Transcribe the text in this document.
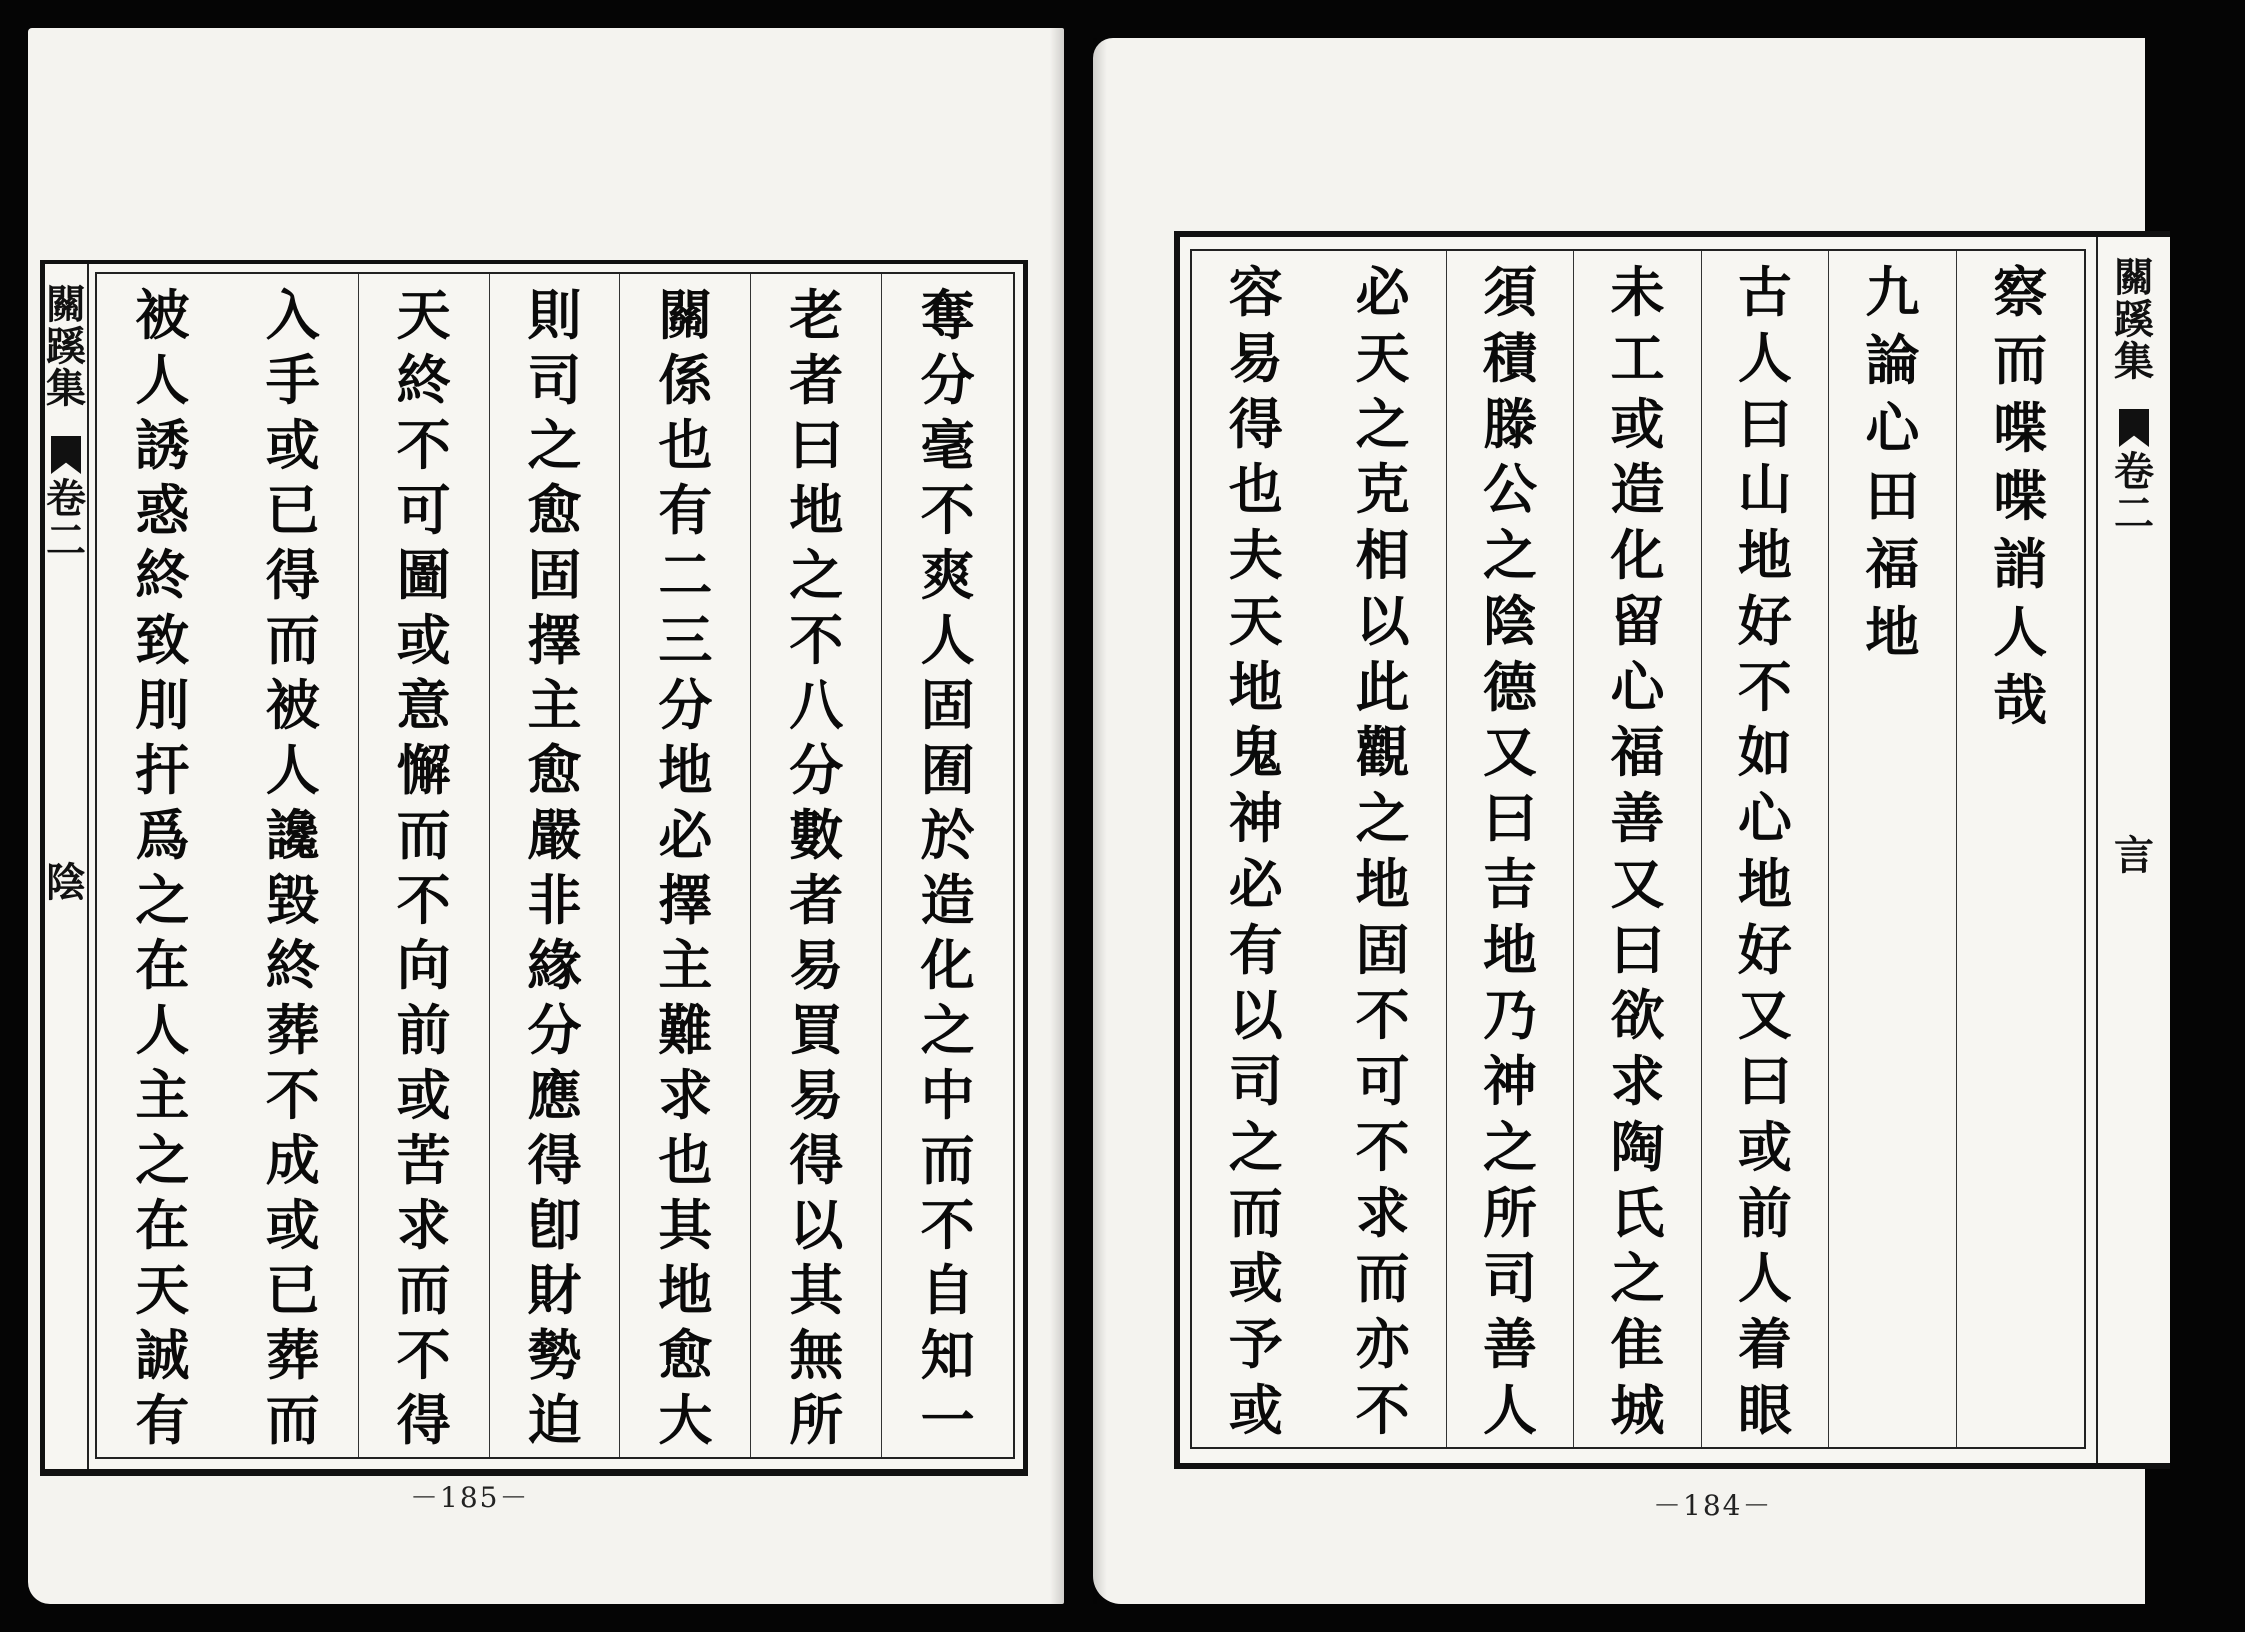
關
蹊
集
卷
二
陰
奪
分
毫
不
爽
人
固
囿
於
造
化
之
中
而
不
自
知
一
老
者
曰
地
之
不
八
分
數
者
易
買
易
得
以
其
無
所
關
係
也
有
二
三
分
地
必
擇
主
難
求
也
其
地
愈
大
則
司
之
愈
固
擇
主
愈
嚴
非
緣
分
應
得
卽
財
勢
迫
天
終
不
可
圖
或
意
懈
而
不
向
前
或
苦
求
而
不
得
入
手
或
已
得
而
被
人
讒
毀
終
葬
不
成
或
已
葬
而
被
人
誘
惑
終
致
刖
扞
爲
之
在
人
主
之
在
天
誠
有
－185－
察
而
喋
喋
誚
人
哉
九
論
心
田
福
地
古
人
曰
山
地
好
不
如
心
地
好
又
曰
或
前
人
着
眼
未
工
或
造
化
留
心
福
善
又
曰
欲
求
陶
氏
之
隹
城
須
積
滕
公
之
陰
德
又
曰
吉
地
乃
神
之
所
司
善
人
必
天
之
克
相
以
此
觀
之
地
固
不
可
不
求
而
亦
不
容
易
得
也
夫
天
地
鬼
神
必
有
以
司
之
而
或
予
或
關
蹊
集
卷
二
言
－184－
